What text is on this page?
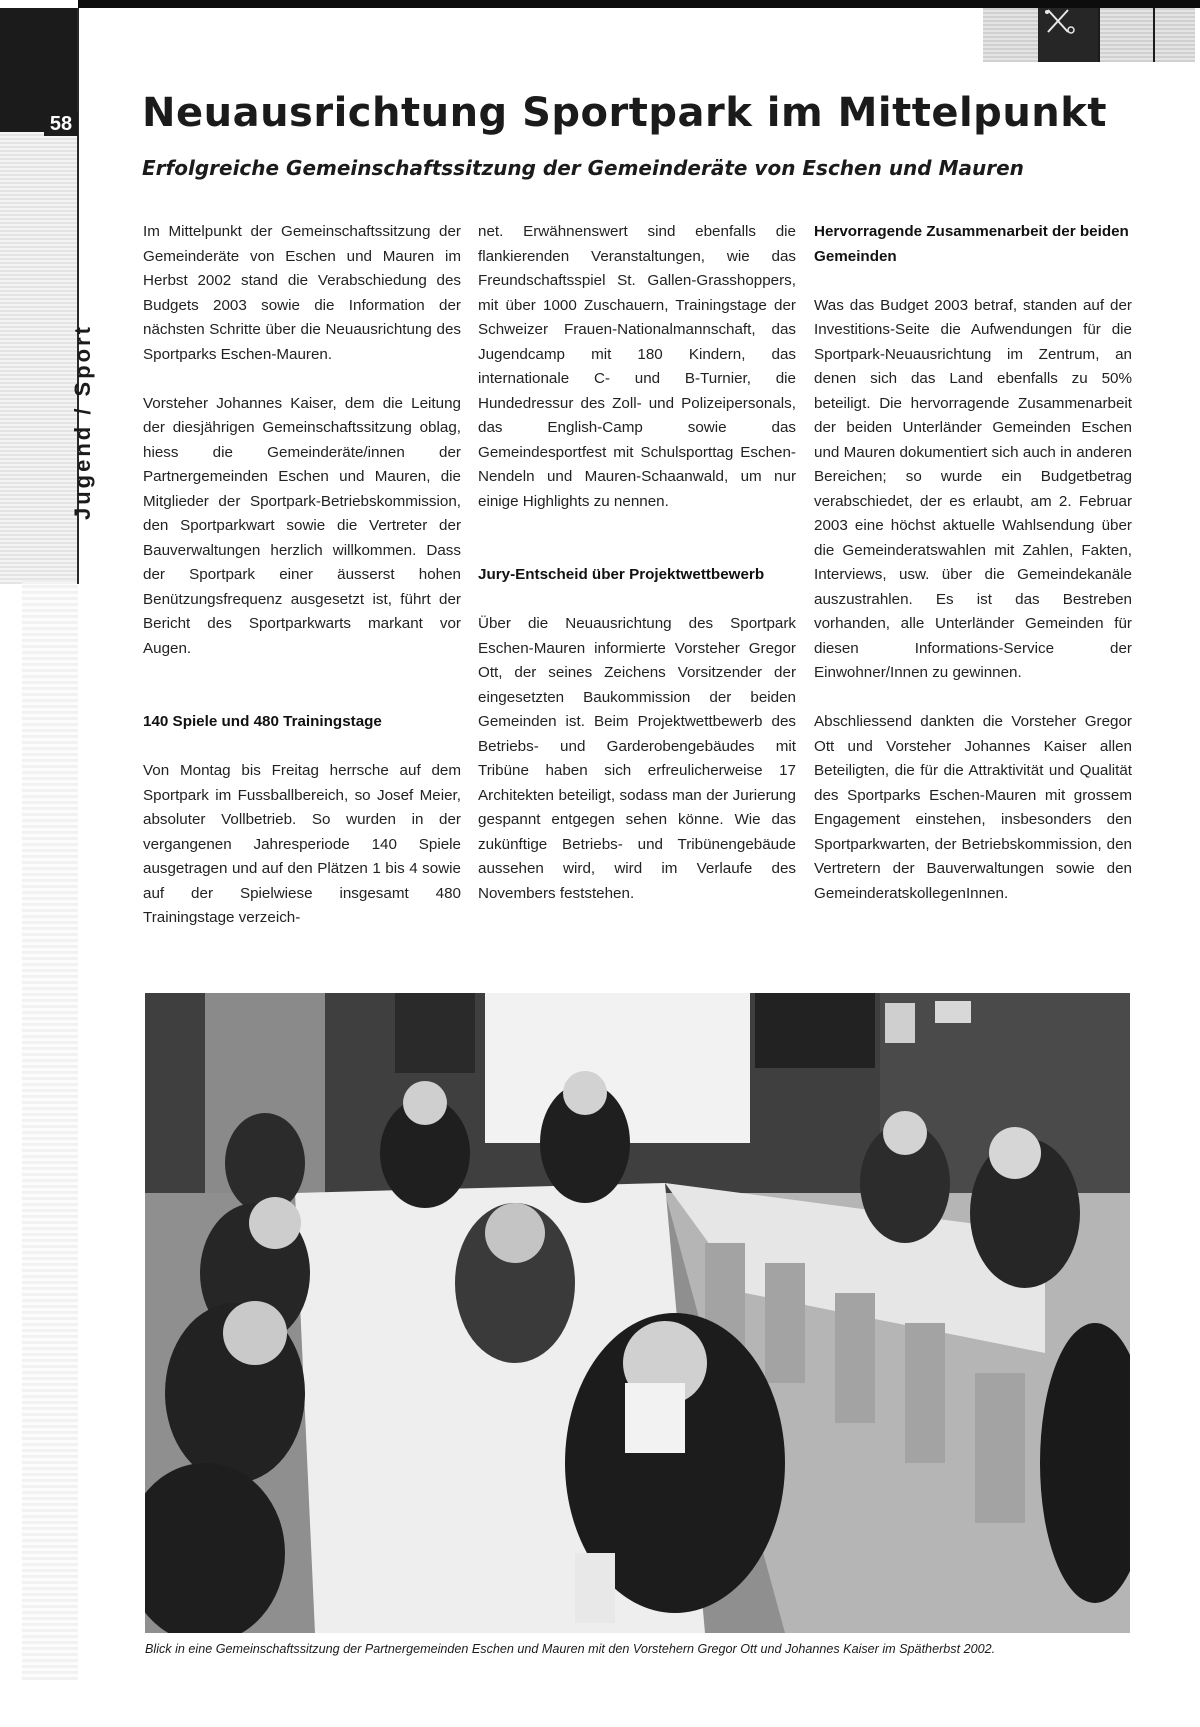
58
Jugend / Sport
Neuausrichtung Sportpark im Mittelpunkt
Erfolgreiche Gemeinschaftssitzung der Gemeinderäte von Eschen und Mauren

Im Mittelpunkt der Gemeinschaftssitzung der Gemeinderäte von Eschen und Mauren im Herbst 2002 stand die Verabschiedung des Budgets 2003 sowie die Information der nächsten Schritte über die Neuausrichtung des Sportparks Eschen-Mauren.

Vorsteher Johannes Kaiser, dem die Leitung der diesjährigen Gemeinschaftssitzung oblag, hiess die Gemeinderäte/innen der Partnergemeinden Eschen und Mauren, die Mitglieder der Sportpark-Betriebskommission, den Sportparkwart sowie die Vertreter der Bauverwaltungen herzlich willkommen. Dass der Sportpark einer äusserst hohen Benützungsfrequenz ausgesetzt ist, führt der Bericht des Sportparkwarts markant vor Augen.

140 Spiele und 480 Trainingstage

Von Montag bis Freitag herrsche auf dem Sportpark im Fussballbereich, so Josef Meier, absoluter Vollbetrieb. So wurden in der vergangenen Jahresperiode 140 Spiele ausgetragen und auf den Plätzen 1 bis 4 sowie auf der Spielwiese insgesamt 480 Trainingstage verzeich-

net. Erwähnenswert sind ebenfalls die flankierenden Veranstaltungen, wie das Freundschaftsspiel St. Gallen-Grasshoppers, mit über 1000 Zuschauern, Trainingstage der Schweizer Frauen-Nationalmannschaft, das Jugendcamp mit 180 Kindern, das internationale C- und B-Turnier, die Hundedressur des Zoll- und Polizeipersonals, das English-Camp sowie das Gemeindesportfest mit Schulsporttag Eschen-Nendeln und Mauren-Schaanwald, um nur einige Highlights zu nennen.

Jury-Entscheid über Projektwettbewerb

Über die Neuausrichtung des Sportpark Eschen-Mauren informierte Vorsteher Gregor Ott, der seines Zeichens Vorsitzender der eingesetzten Baukommission der beiden Gemeinden ist. Beim Projektwettbewerb des Betriebs- und Garderobengebäudes mit Tribüne haben sich erfreulicherweise 17 Architekten beteiligt, sodass man der Jurierung gespannt entgegen sehen könne. Wie das zukünftige Betriebs- und Tribünengebäude aussehen wird, wird im Verlaufe des Novembers feststehen.

Hervorragende Zusammenarbeit der beiden Gemeinden

Was das Budget 2003 betraf, standen auf der Investitions-Seite die Aufwendungen für die Sportpark-Neuausrichtung im Zentrum, an denen sich das Land ebenfalls zu 50% beteiligt. Die hervorragende Zusammenarbeit der beiden Unterländer Gemeinden Eschen und Mauren dokumentiert sich auch in anderen Bereichen; so wurde ein Budgetbetrag verabschiedet, der es erlaubt, am 2. Februar 2003 eine höchst aktuelle Wahlsendung über die Gemeinderatswahlen mit Zahlen, Fakten, Interviews, usw. über die Gemeindekanäle auszustrahlen. Es ist das Bestreben vorhanden, alle Unterländer Gemeinden für diesen Informations-Service der Einwohner/Innen zu gewinnen.

Abschliessend dankten die Vorsteher Gregor Ott und Vorsteher Johannes Kaiser allen Beteiligten, die für die Attraktivität und Qualität des Sportparks Eschen-Mauren mit grossem Engagement einstehen, insbesonders den Sportparkwarten, der Betriebskommission, den Vertretern der Bauverwaltungen sowie den GemeinderatskollegenInnen.

Blick in eine Gemeinschaftssitzung der Partnergemeinden Eschen und Mauren mit den Vorstehern Gregor Ott und Johannes Kaiser im Spätherbst 2002.
